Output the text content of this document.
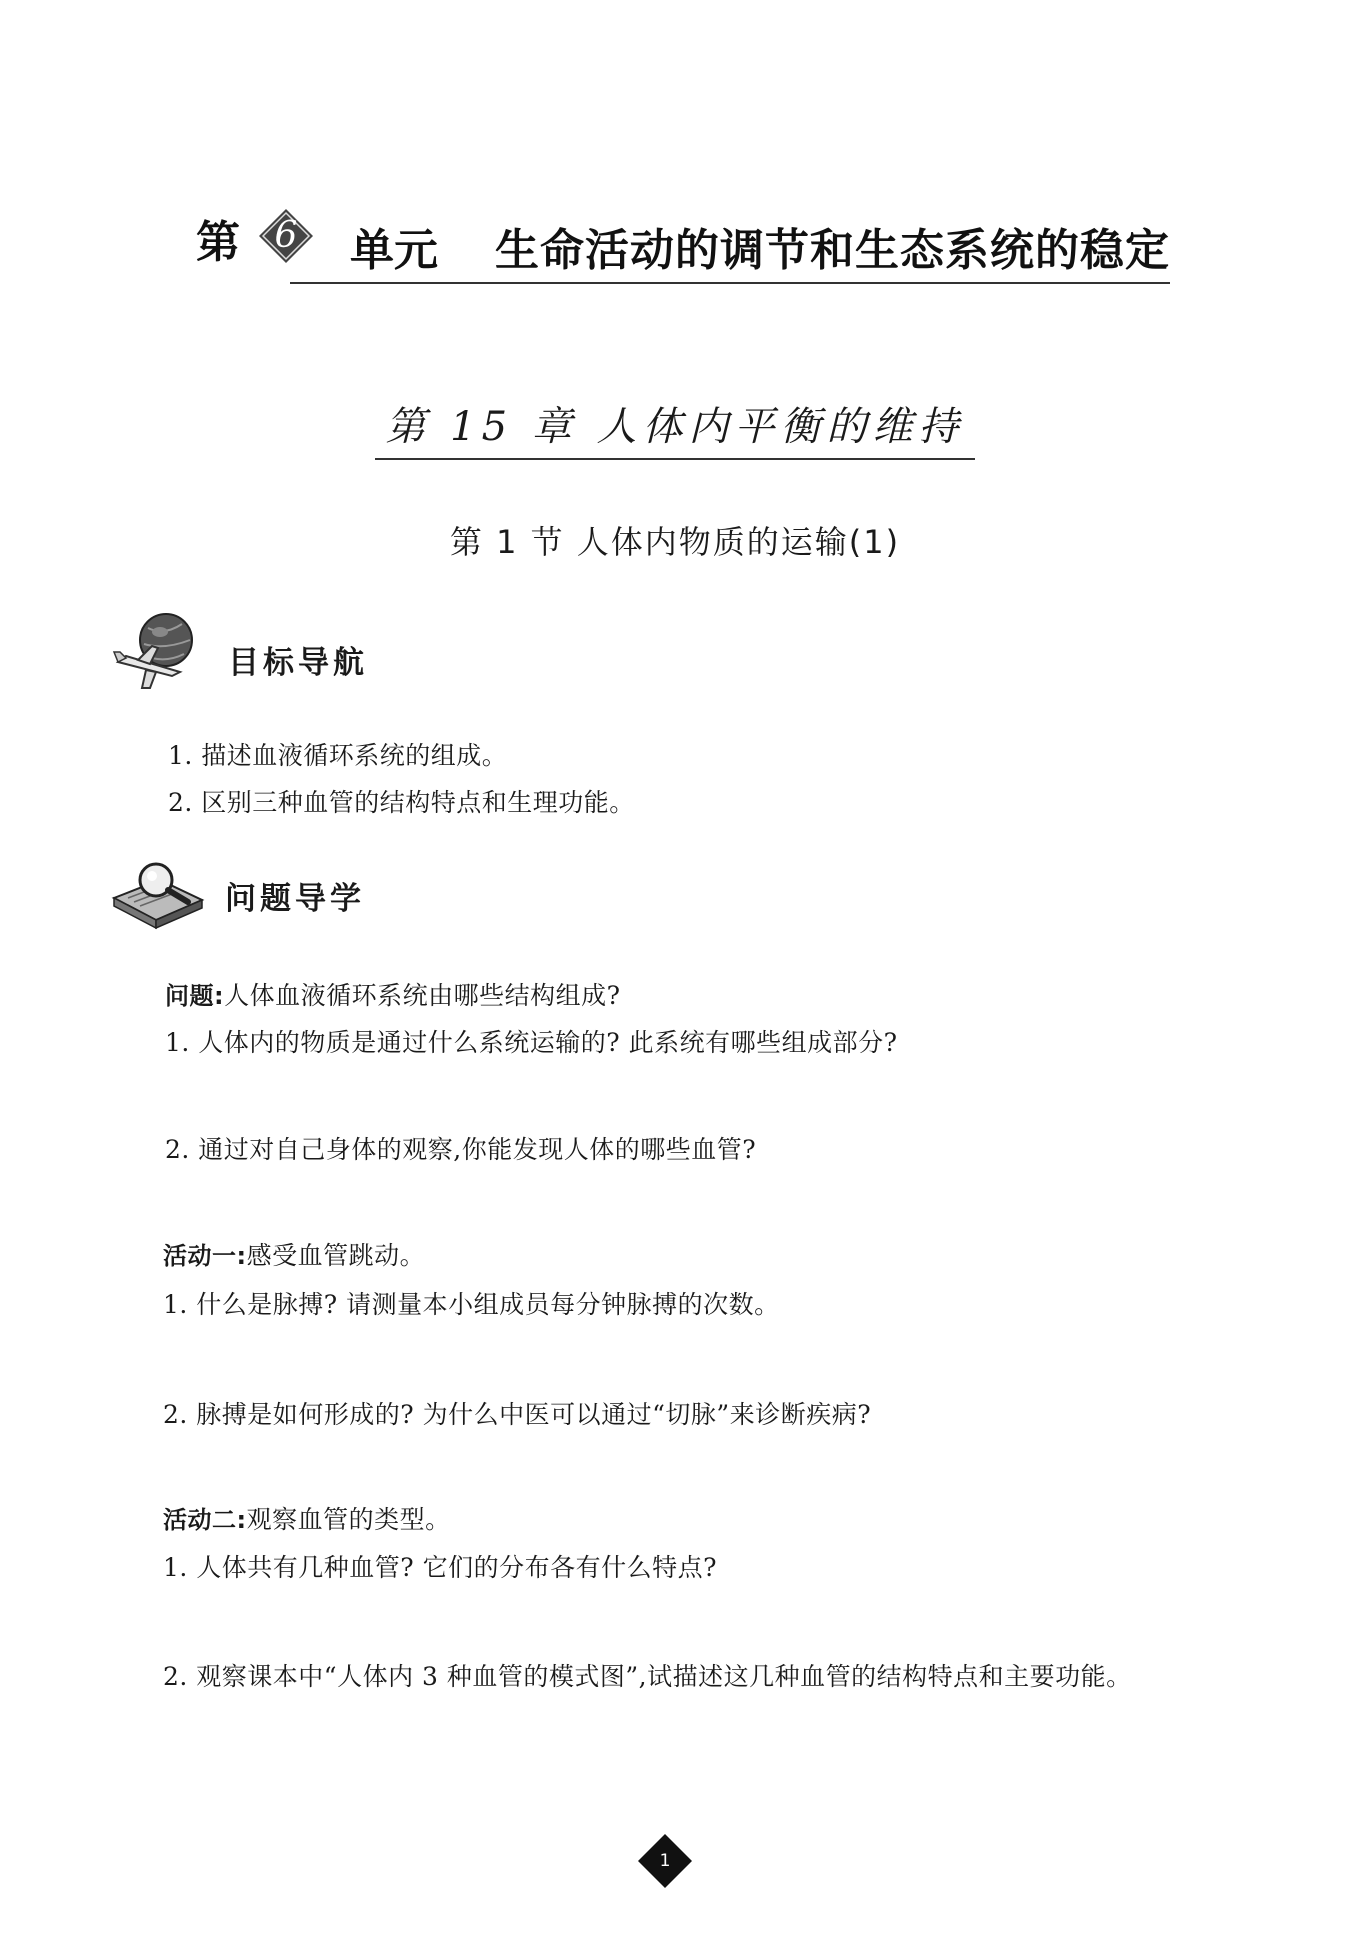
第 6	单元 生命活动的调节和生态系统的稳定
第 15 章 人体内平衡的维持
第 1 节 人体内物质的运输(1)
目标导航
1. 描述血液循环系统的组成。
2. 区别三种血管的结构特点和生理功能。
问题导学
问题:人体血液循环系统由哪些结构组成?
1. 人体内的物质是通过什么系统运输的? 此系统有哪些组成部分?
2. 通过对自己身体的观察,你能发现人体的哪些血管?
活动一:感受血管跳动。
1. 什么是脉搏? 请测量本小组成员每分钟脉搏的次数。
2. 脉搏是如何形成的? 为什么中医可以通过“切脉”来诊断疾病?
活动二:观察血管的类型。
1. 人体共有几种血管? 它们的分布各有什么特点?
2. 观察课本中“人体内 3 种血管的模式图”,试描述这几种血管的结构特点和主要功能。
1
